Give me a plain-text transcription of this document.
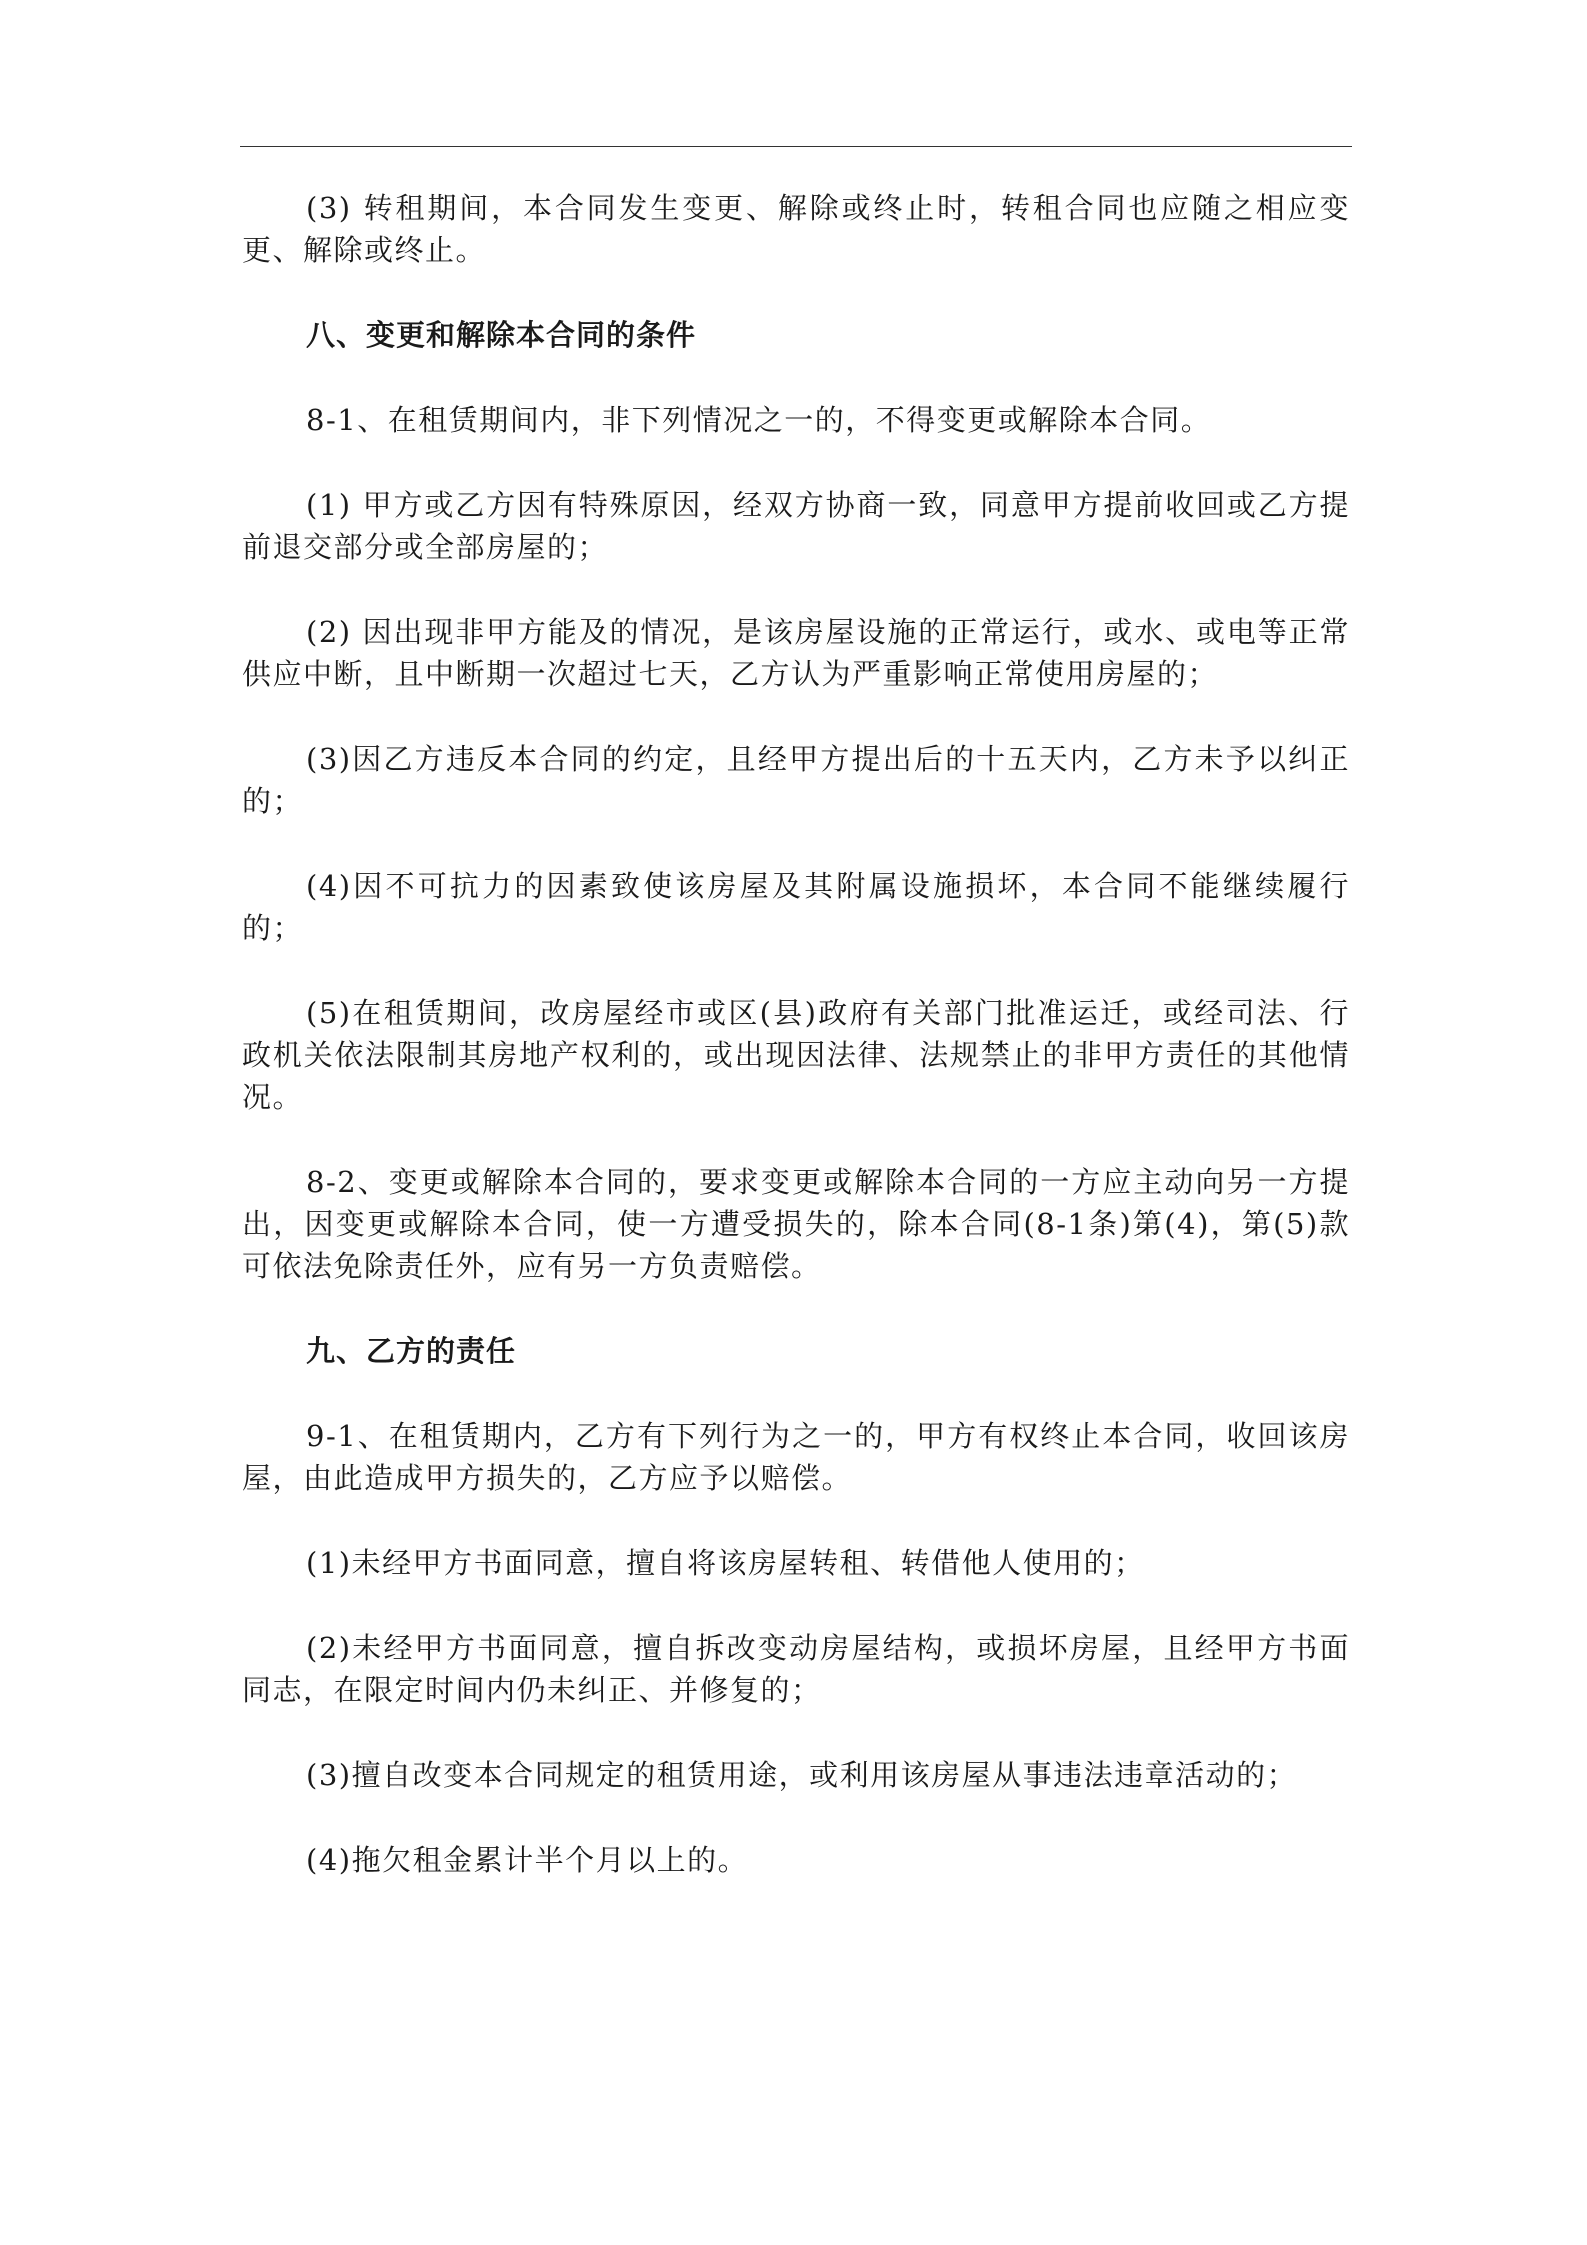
(3) 转租期间，本合同发生变更、解除或终止时，转租合同也应随之相应变更、解除或终止。

八、变更和解除本合同的条件

8-1、在租赁期间内，非下列情况之一的，不得变更或解除本合同。

(1) 甲方或乙方因有特殊原因，经双方协商一致，同意甲方提前收回或乙方提前退交部分或全部房屋的；

(2) 因出现非甲方能及的情况，是该房屋设施的正常运行，或水、或电等正常供应中断，且中断期一次超过七天，乙方认为严重影响正常使用房屋的；

(3)因乙方违反本合同的约定，且经甲方提出后的十五天内，乙方未予以纠正的；

(4)因不可抗力的因素致使该房屋及其附属设施损坏，本合同不能继续履行的；

(5)在租赁期间，改房屋经市或区(县)政府有关部门批准运迁，或经司法、行政机关依法限制其房地产权利的，或出现因法律、法规禁止的非甲方责任的其他情况。

8-2、变更或解除本合同的，要求变更或解除本合同的一方应主动向另一方提出，因变更或解除本合同，使一方遭受损失的，除本合同(8-1条)第(4)，第(5)款可依法免除责任外，应有另一方负责赔偿。

九、乙方的责任

9-1、在租赁期内，乙方有下列行为之一的，甲方有权终止本合同，收回该房屋，由此造成甲方损失的，乙方应予以赔偿。

(1)未经甲方书面同意，擅自将该房屋转租、转借他人使用的；

(2)未经甲方书面同意，擅自拆改变动房屋结构，或损坏房屋，且经甲方书面同志，在限定时间内仍未纠正、并修复的；

(3)擅自改变本合同规定的租赁用途，或利用该房屋从事违法违章活动的；

(4)拖欠租金累计半个月以上的。
